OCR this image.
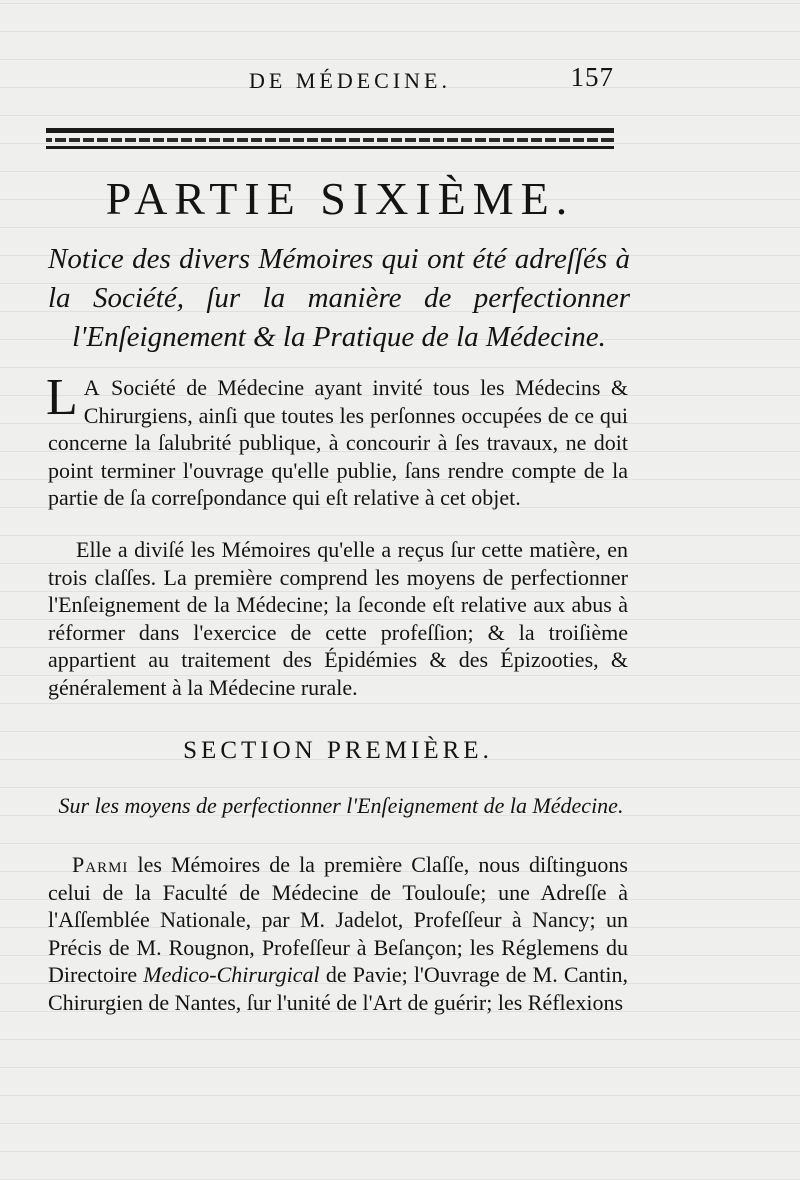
DE MÉDECINE.	157
PARTIE SIXIÈME.
Notice des divers Mémoires qui ont été adreſſés à la Société, ſur la manière de perfectionner l'Enſeignement & la Pratique de la Médecine.
L A Société de Médecine ayant invité tous les Médecins & Chirurgiens, ainſi que toutes les perſonnes occupées de ce qui concerne la ſalubrité publique, à concourir à ſes travaux, ne doit point terminer l'ouvrage qu'elle publie, ſans rendre compte de la partie de ſa correſpondance qui eſt relative à cet objet.
Elle a diviſé les Mémoires qu'elle a reçus ſur cette matière, en trois claſſes. La première comprend les moyens de perfectionner l'Enſeignement de la Médecine; la ſeconde eſt relative aux abus à réformer dans l'exercice de cette profeſſion; & la troiſième appartient au traitement des Épidémies & des Épizooties, & généralement à la Médecine rurale.
SECTION PREMIÈRE.
Sur les moyens de perfectionner l'Enſeignement de la Médecine.
Parmi les Mémoires de la première Claſſe, nous diſtinguons celui de la Faculté de Médecine de Toulouſe; une Adreſſe à l'Aſſemblée Nationale, par M. Jadelot, Profeſſeur à Nancy; un Précis de M. Rougnon, Profeſſeur à Beſançon; les Réglemens du Directoire Medico-Chirurgical de Pavie; l'Ouvrage de M. Cantin, Chirurgien de Nantes, ſur l'unité de l'Art de guérir; les Réflexions
